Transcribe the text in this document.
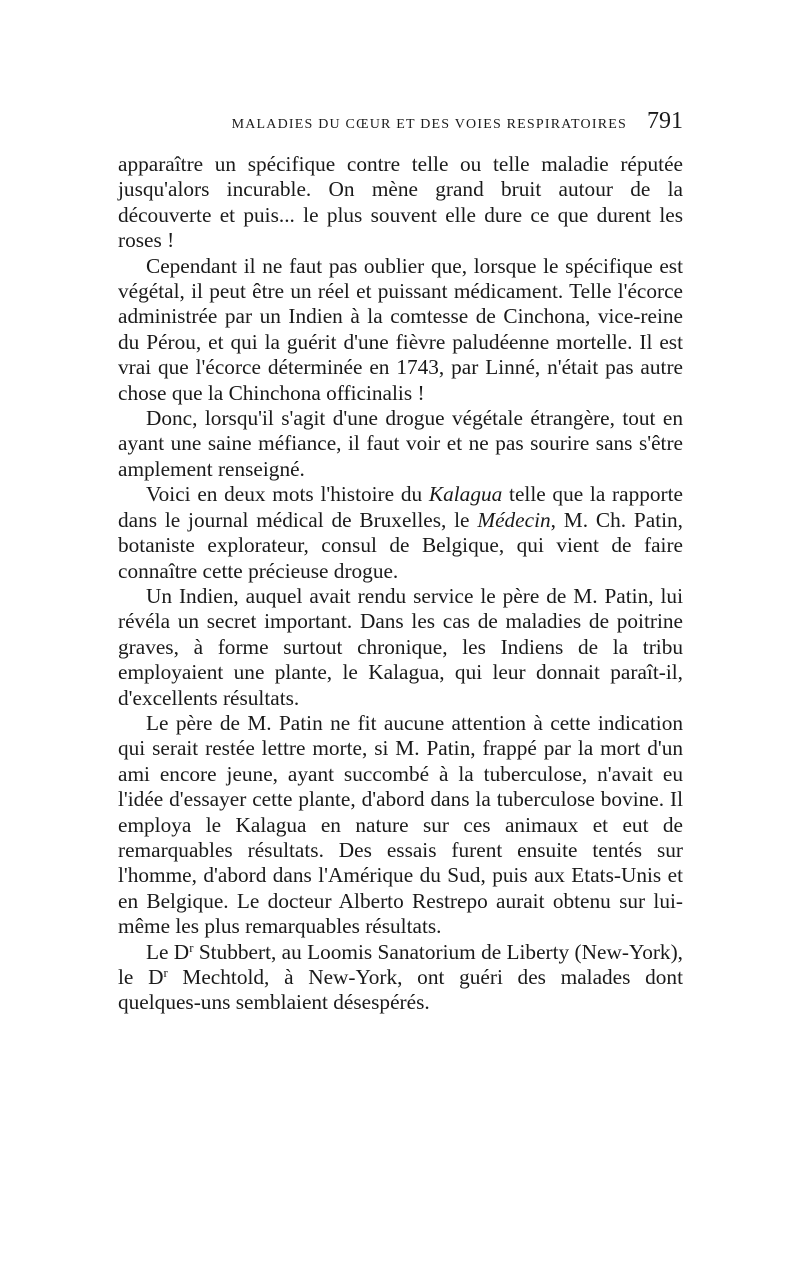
MALADIES DU CŒUR ET DES VOIES RESPIRATOIRES 791

apparaître un spécifique contre telle ou telle maladie réputée jusqu'alors incurable. On mène grand bruit autour de la découverte et puis... le plus souvent elle dure ce que durent les roses !

Cependant il ne faut pas oublier que, lorsque le spécifique est végétal, il peut être un réel et puissant médicament. Telle l'écorce administrée par un Indien à la comtesse de Cinchona, vice-reine du Pérou, et qui la guérit d'une fièvre paludéenne mortelle. Il est vrai que l'écorce déterminée en 1743, par Linné, n'était pas autre chose que la Chinchona officinalis !

Donc, lorsqu'il s'agit d'une drogue végétale étrangère, tout en ayant une saine méfiance, il faut voir et ne pas sourire sans s'être amplement renseigné.

Voici en deux mots l'histoire du Kalagua telle que la rapporte dans le journal médical de Bruxelles, le Médecin, M. Ch. Patin, botaniste explorateur, consul de Belgique, qui vient de faire connaître cette précieuse drogue.

Un Indien, auquel avait rendu service le père de M. Patin, lui révéla un secret important. Dans les cas de maladies de poitrine graves, à forme surtout chronique, les Indiens de la tribu employaient une plante, le Kalagua, qui leur donnait paraît-il, d'excellents résultats.

Le père de M. Patin ne fit aucune attention à cette indication qui serait restée lettre morte, si M. Patin, frappé par la mort d'un ami encore jeune, ayant succombé à la tuberculose, n'avait eu l'idée d'essayer cette plante, d'abord dans la tuberculose bovine. Il employa le Kalagua en nature sur ces animaux et eut de remarquables résultats. Des essais furent ensuite tentés sur l'homme, d'abord dans l'Amérique du Sud, puis aux Etats-Unis et en Belgique. Le docteur Alberto Restrepo aurait obtenu sur lui-même les plus remarquables résultats.

Le $D^r$ Stubbert, au Loomis Sanatorium de Liberty (New-York), le $D^r$ Mechtold, à New-York, ont guéri des malades dont quelques-uns semblaient désespérés.
